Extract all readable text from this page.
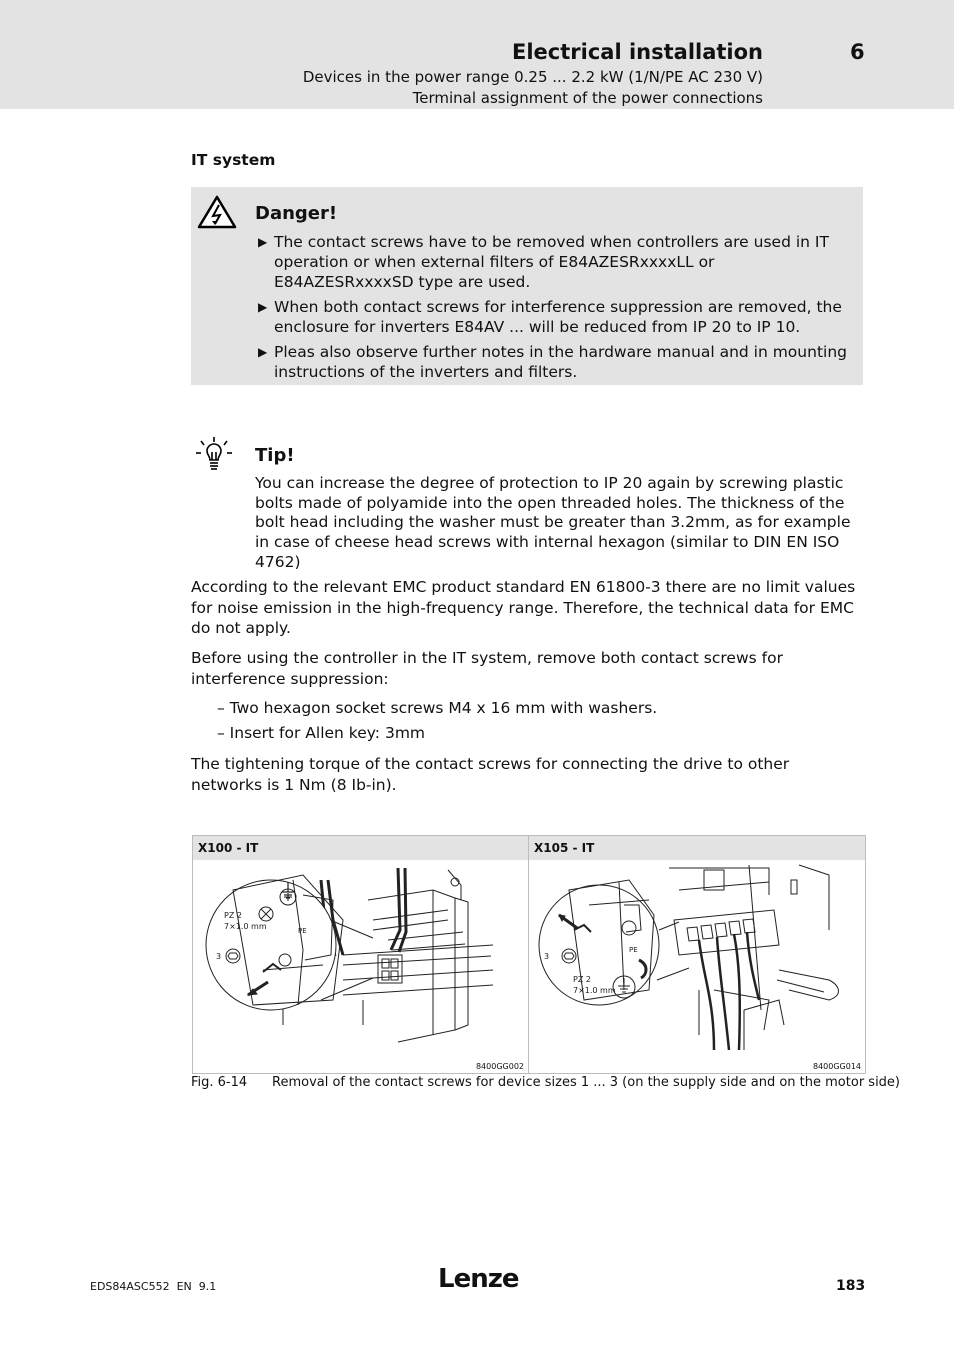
Electrical installation	6
Devices in the power range 0.25 ... 2.2 kW (1/N/PE AC 230 V)
Terminal assignment of the power connections
IT system
Danger!
▶ The contact screws have to be removed when controllers are used in IT operation or when external filters of E84AZESRxxxxLL or E84AZESRxxxxSD type are used.
▶ When both contact screws for interference suppression are removed, the enclosure for inverters E84AV ... will be reduced from IP 20 to IP 10.
▶ Pleas also observe further notes in the hardware manual and in mounting instructions of the inverters and filters.
Tip!
You can increase the degree of protection to IP 20 again by screwing plastic bolts made of polyamide into the open threaded holes. The thickness of the bolt head including the washer must be greater than 3.2mm, as for example in case of cheese head screws with internal hexagon (similar to DIN EN ISO 4762)

According to the relevant EMC product standard EN 61800-3 there are no limit values for noise emission in the high-frequency range. Therefore, the technical data for EMC do not apply.

Before using the controller in the IT system, remove both contact screws for interference suppression:

– Two hexagon socket screws M4 x 16 mm with washers.
– Insert for Allen key: 3mm

The tightening torque of the contact screws for connecting the drive to other networks is 1 Nm (8 Ib-in).

X100 - IT	X105 - IT
PZ 2
7×1.0 mm
3
PE
8400GG002
PZ 2
7×1.0 mm
3
PE
8400GG014
Fig. 6-14 Removal of the contact screws for device sizes 1 ... 3 (on the supply side and on the motor side)
EDS84ASC552  EN  9.1	Lenze	183
